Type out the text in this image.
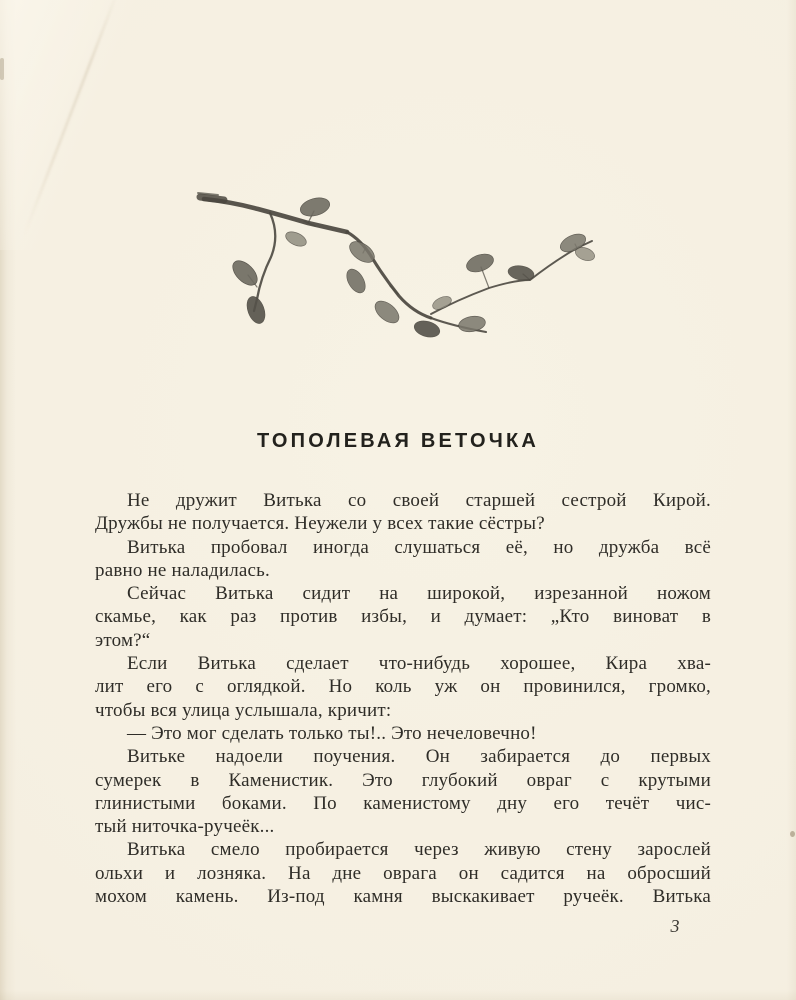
ТОПОЛЕВАЯ ВЕТОЧКА
Не дружит Витька со своей старшей сестрой Кирой.
Дружбы не получается. Неужели у всех такие сёстры?
Витька пробовал иногда слушаться её, но дружба всё
равно не наладилась.
Сейчас Витька сидит на широкой, изрезанной ножом
скамье, как раз против избы, и думает: „Кто виноват в
этом?“
Если Витька сделает что-нибудь хорошее, Кира хва-
лит его с оглядкой. Но коль уж он провинился, громко,
чтобы вся улица услышала, кричит:
— Это мог сделать только ты!.. Это нечеловечно!
Витьке надоели поучения. Он забирается до первых
сумерек в Каменистик. Это глубокий овраг с крутыми
глинистыми боками. По каменистому дну его течёт чис-
тый ниточка-ручеёк...
Витька смело пробирается через живую стену зарослей
ольхи и лозняка. На дне оврага он садится на обросший
мохом камень. Из-под камня выскакивает ручеёк. Витька
3
